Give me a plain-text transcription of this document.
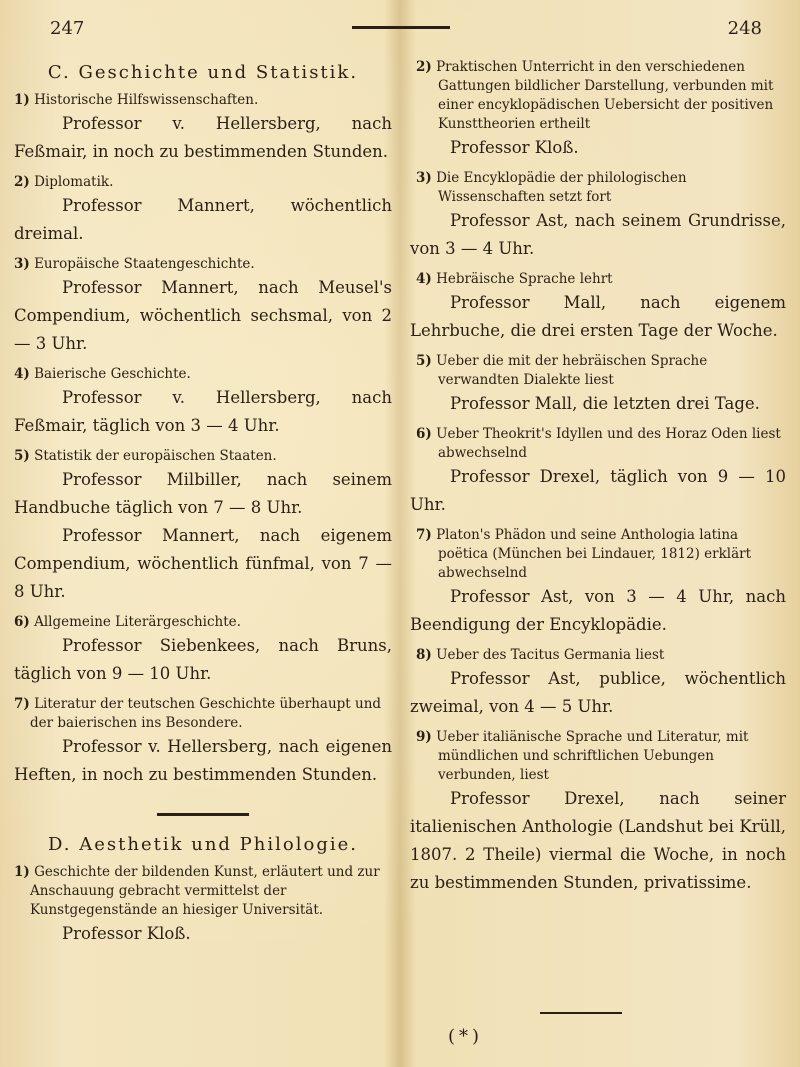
247	248
C. Geschichte und Statistik.
1) Historische Hilfswissenschaften.
Professor v. Hellersberg, nach Feßmair, in noch zu bestimmenden Stunden.
2) Diplomatik.
Professor Mannert, wöchentlich dreimal.
3) Europäische Staatengeschichte.
Professor Mannert, nach Meusel's Compendium, wöchentlich sechsmal, von 2 — 3 Uhr.
4) Baierische Geschichte.
Professor v. Hellersberg, nach Feßmair, täglich von 3 — 4 Uhr.
5) Statistik der europäischen Staaten.
Professor Milbiller, nach seinem Handbuche täglich von 7 — 8 Uhr.
Professor Mannert, nach eigenem Compendium, wöchentlich fünfmal, von 7 — 8 Uhr.
6) Allgemeine Literärgeschichte.
Professor Siebenkees, nach Bruns, täglich von 9 — 10 Uhr.
7) Literatur der teutschen Geschichte überhaupt und der baierischen ins Besondere.
Professor v. Hellersberg, nach eigenen Heften, in noch zu bestimmenden Stunden.
D. Aesthetik und Philologie.
1) Geschichte der bildenden Kunst, erläutert und zur Anschauung gebracht vermittelst der Kunstgegenstände an hiesiger Universität.
Professor Kloß.
2) Praktischen Unterricht in den verschiedenen Gattungen bildlicher Darstellung, verbunden mit einer encyklopädischen Uebersicht der positiven Kunsttheorien ertheilt
Professor Kloß.
3) Die Encyklopädie der philologischen Wissenschaften setzt fort
Professor Ast, nach seinem Grundrisse, von 3 — 4 Uhr.
4) Hebräische Sprache lehrt
Professor Mall, nach eigenem Lehrbuche, die drei ersten Tage der Woche.
5) Ueber die mit der hebräischen Sprache verwandten Dialekte liest
Professor Mall, die letzten drei Tage.
6) Ueber Theokrit's Idyllen und des Horaz Oden liest abwechselnd
Professor Drexel, täglich von 9 — 10 Uhr.
7) Platon's Phädon und seine Anthologia latina poëtica (München bei Lindauer, 1812) erklärt abwechselnd
Professor Ast, von 3 — 4 Uhr, nach Beendigung der Encyklopädie.
8) Ueber des Tacitus Germania liest
Professor Ast, publice, wöchentlich zweimal, von 4 — 5 Uhr.
9) Ueber italiänische Sprache und Literatur, mit mündlichen und schriftlichen Uebungen verbunden, liest
Professor Drexel, nach seiner italienischen Anthologie (Landshut bei Krüll, 1807. 2 Theile) viermal die Woche, in noch zu bestimmenden Stunden, privatissime.
(*)
